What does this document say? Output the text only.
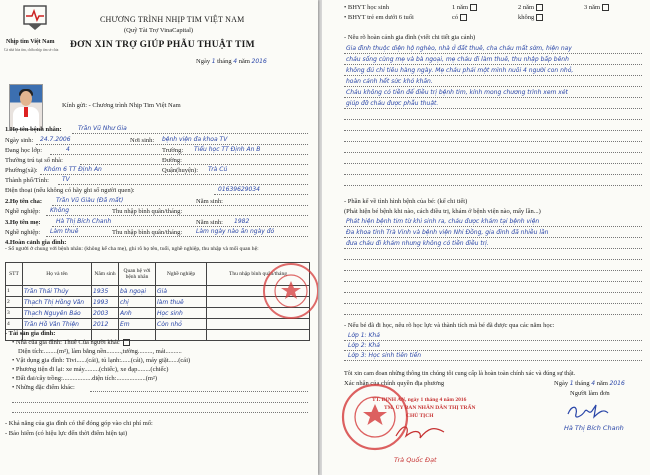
Nhịp tim Việt Nam
Cả nhà hòa tim, chữa nhịp tim sẻ chia
CHƯƠNG TRÌNH NHỊP TIM VIỆT NAM
(Quỹ Tài Trợ VinaCapital)
ĐƠN XIN TRỢ GIÚP PHẪU THUẬT TIM
Ngày 1 tháng 4 năm 2016
Kính gửi: - Chương trình Nhịp Tim Việt Nam
1.Họ tên bệnh nhân:	Trần Vũ Như Gia
Ngày sinh: 24.7.2006	Nơi sinh: bệnh viện đa khoa TV
Đang học lớp:	4	Trường: Tiểu học TT Định An B
Thường trú tại số nhà:	Đường:
Phường(xã): Khóm 6 TT Định An	Quận(huyện): Trà Cú
Thành phố/Tỉnh: TV
Điện thoại (nếu không có hãy ghi số người quen):	01639629034
2.Họ tên cha: Trần Vũ Giàu (Đã mất)	Năm sinh:
Nghề nghiệp: Không	Thu nhập bình quân/tháng:
3.Họ tên mẹ:	Hà Thị Bích Chanh	Năm sinh: 1982
Nghề nghiệp: Làm thuê	Thu nhập bình quân/tháng: Làm ngày nào ăn ngày đó
4.Hoàn cảnh gia đình:
- Số người ở chung với bệnh nhân: (không kể cha mẹ), ghi rõ họ tên, tuổi, nghề nghiệp, thu nhập và mối quan hệ:
STT	Họ và tên	Năm sinh	Quan hệ với bệnh nhân	Nghề nghiệp	Thu nhập bình quân/tháng
1	Trần Thái Thủy	1935	bà ngoại	Già	
2	Thạch Thị Hồng Vân	1993	chị	làm thuê	
3	Thạch Nguyên Bảo	2003	Anh	Học sinh	
4	Trần Hồ Vân Thiện	2012	Em	Còn nhỏ	

- Tài sản gia đình:
• Nhà của gia đình: Thuê Của người khác
Diện tích:........(m²), làm bằng nền.........,tường........., mái..........
• Vật dụng gia đình: Tivi......(cái), tủ lạnh:......(cái), máy giặt......(cái)
• Phương tiện đi lại: xe máy.........(chiếc), xe đạp........(chiếc)
• Đất đai/cây trồng:..................diện tích:..................(m²)
• Những đặc điểm khác:
- Khả năng của gia đình có thể đóng góp vào chi phí mổ:
- Bảo hiểm (có hiệu lực đến thời điểm hiện tại)
• BHYT học sinh	1 năm	2 năm	3 năm
• BHYT trẻ em dưới 6 tuổi	có	không
- Nêu rõ hoàn cảnh gia đình (viết chi tiết gia cảnh)
Gia đình thuộc diện hộ nghèo, nhà ở đất thuê, cha cháu mất sớm, hiện nay
cháu sống cùng mẹ và bà ngoại, mẹ cháu đi làm thuê, thu nhập bấp bênh
không đủ chi tiêu hàng ngày. Mẹ cháu phải một mình nuôi 4 người con nhỏ,
hoàn cảnh hết sức khó khăn.
Cháu không có tiền để điều trị bệnh tim, kính mong chương trình xem xét
giúp đỡ cháu được phẫu thuật.
- Phần kể về tình hình bệnh của bé: (kể chi tiết)
(Phát hiện bé bệnh khi nào, cách điều trị, khám ở bệnh viện nào, mấy lần...)
Phát hiện bệnh tim từ khi sinh ra, cháu được khám tại bệnh viện
Đa khoa tỉnh Trà Vinh và bệnh viện Nhi Đồng, gia đình đã nhiều lần
đưa cháu đi khám nhưng không có tiền điều trị.
- Nếu bé đã đi học, nêu rõ học lực và thành tích mà bé đã được qua các năm học:
Lớp 1: Khá
Lớp 2: Khá
Lớp 3: Học sinh tiên tiến
Tôi xin cam đoan những thông tin chúng tôi cung cấp là hoàn toàn chính xác và đúng sự thật.
Xác nhận của chính quyền địa phương	Ngày 1 tháng 4 năm 2016
Người làm đơn
Hà Thị Bích Chanh
TT. ĐỊNH AN, ngày 1 tháng 4 năm 2016
TM. ỦY BAN NHÂN DÂN THỊ TRẤN
CHỦ TỊCH
Trà Quốc Đạt
